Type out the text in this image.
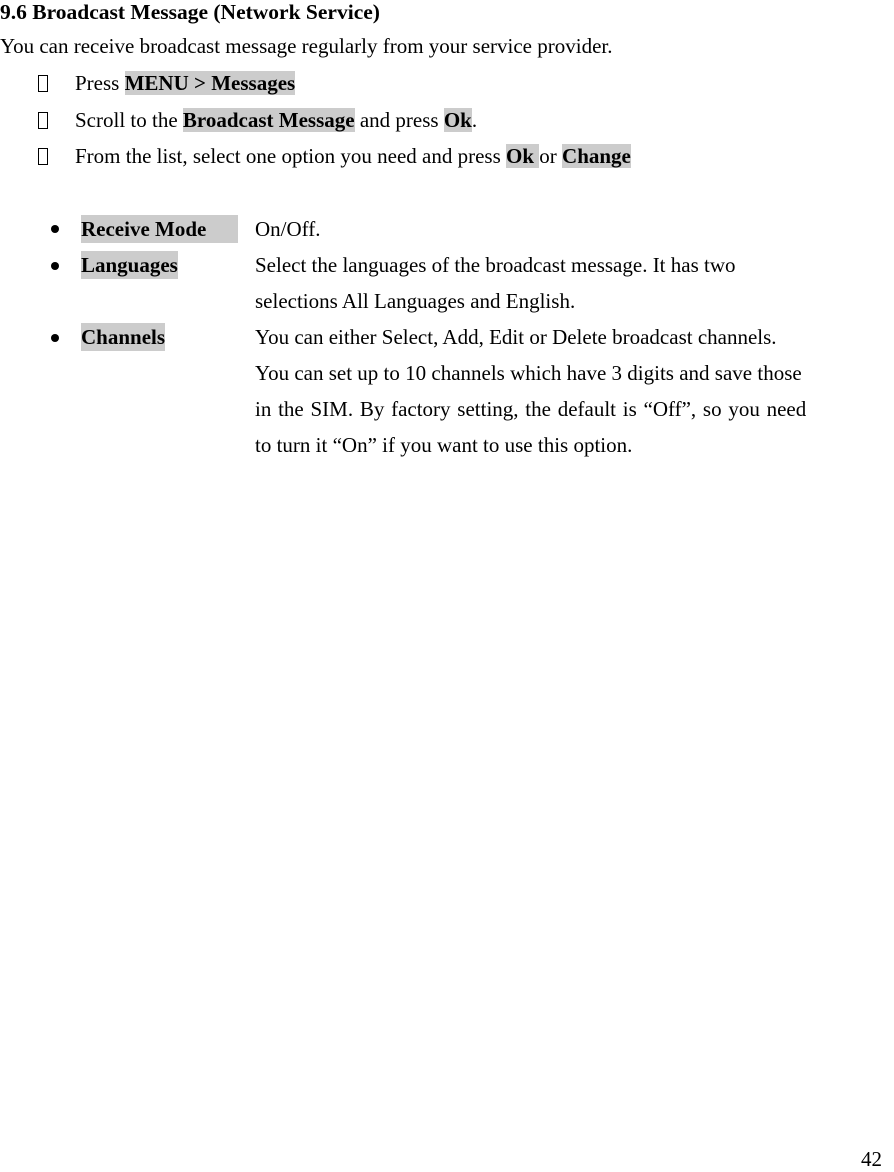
9.6 Broadcast Message (Network Service)

You can receive broadcast message regularly from your service provider.

Press MENU > Messages
Scroll to the Broadcast Message and press Ok.
From the list, select one option you need and press Ok or Change
Receive Mode	On/Off.
Languages	Select the languages of the broadcast message. It has two
selections All Languages and English.
Channels	You can either Select, Add, Edit or Delete broadcast channels.
You can set up to 10 channels which have 3 digits and save those
in the SIM. By factory setting, the default is “Off”, so you need
to turn it “On” if you want to use this option.
42
